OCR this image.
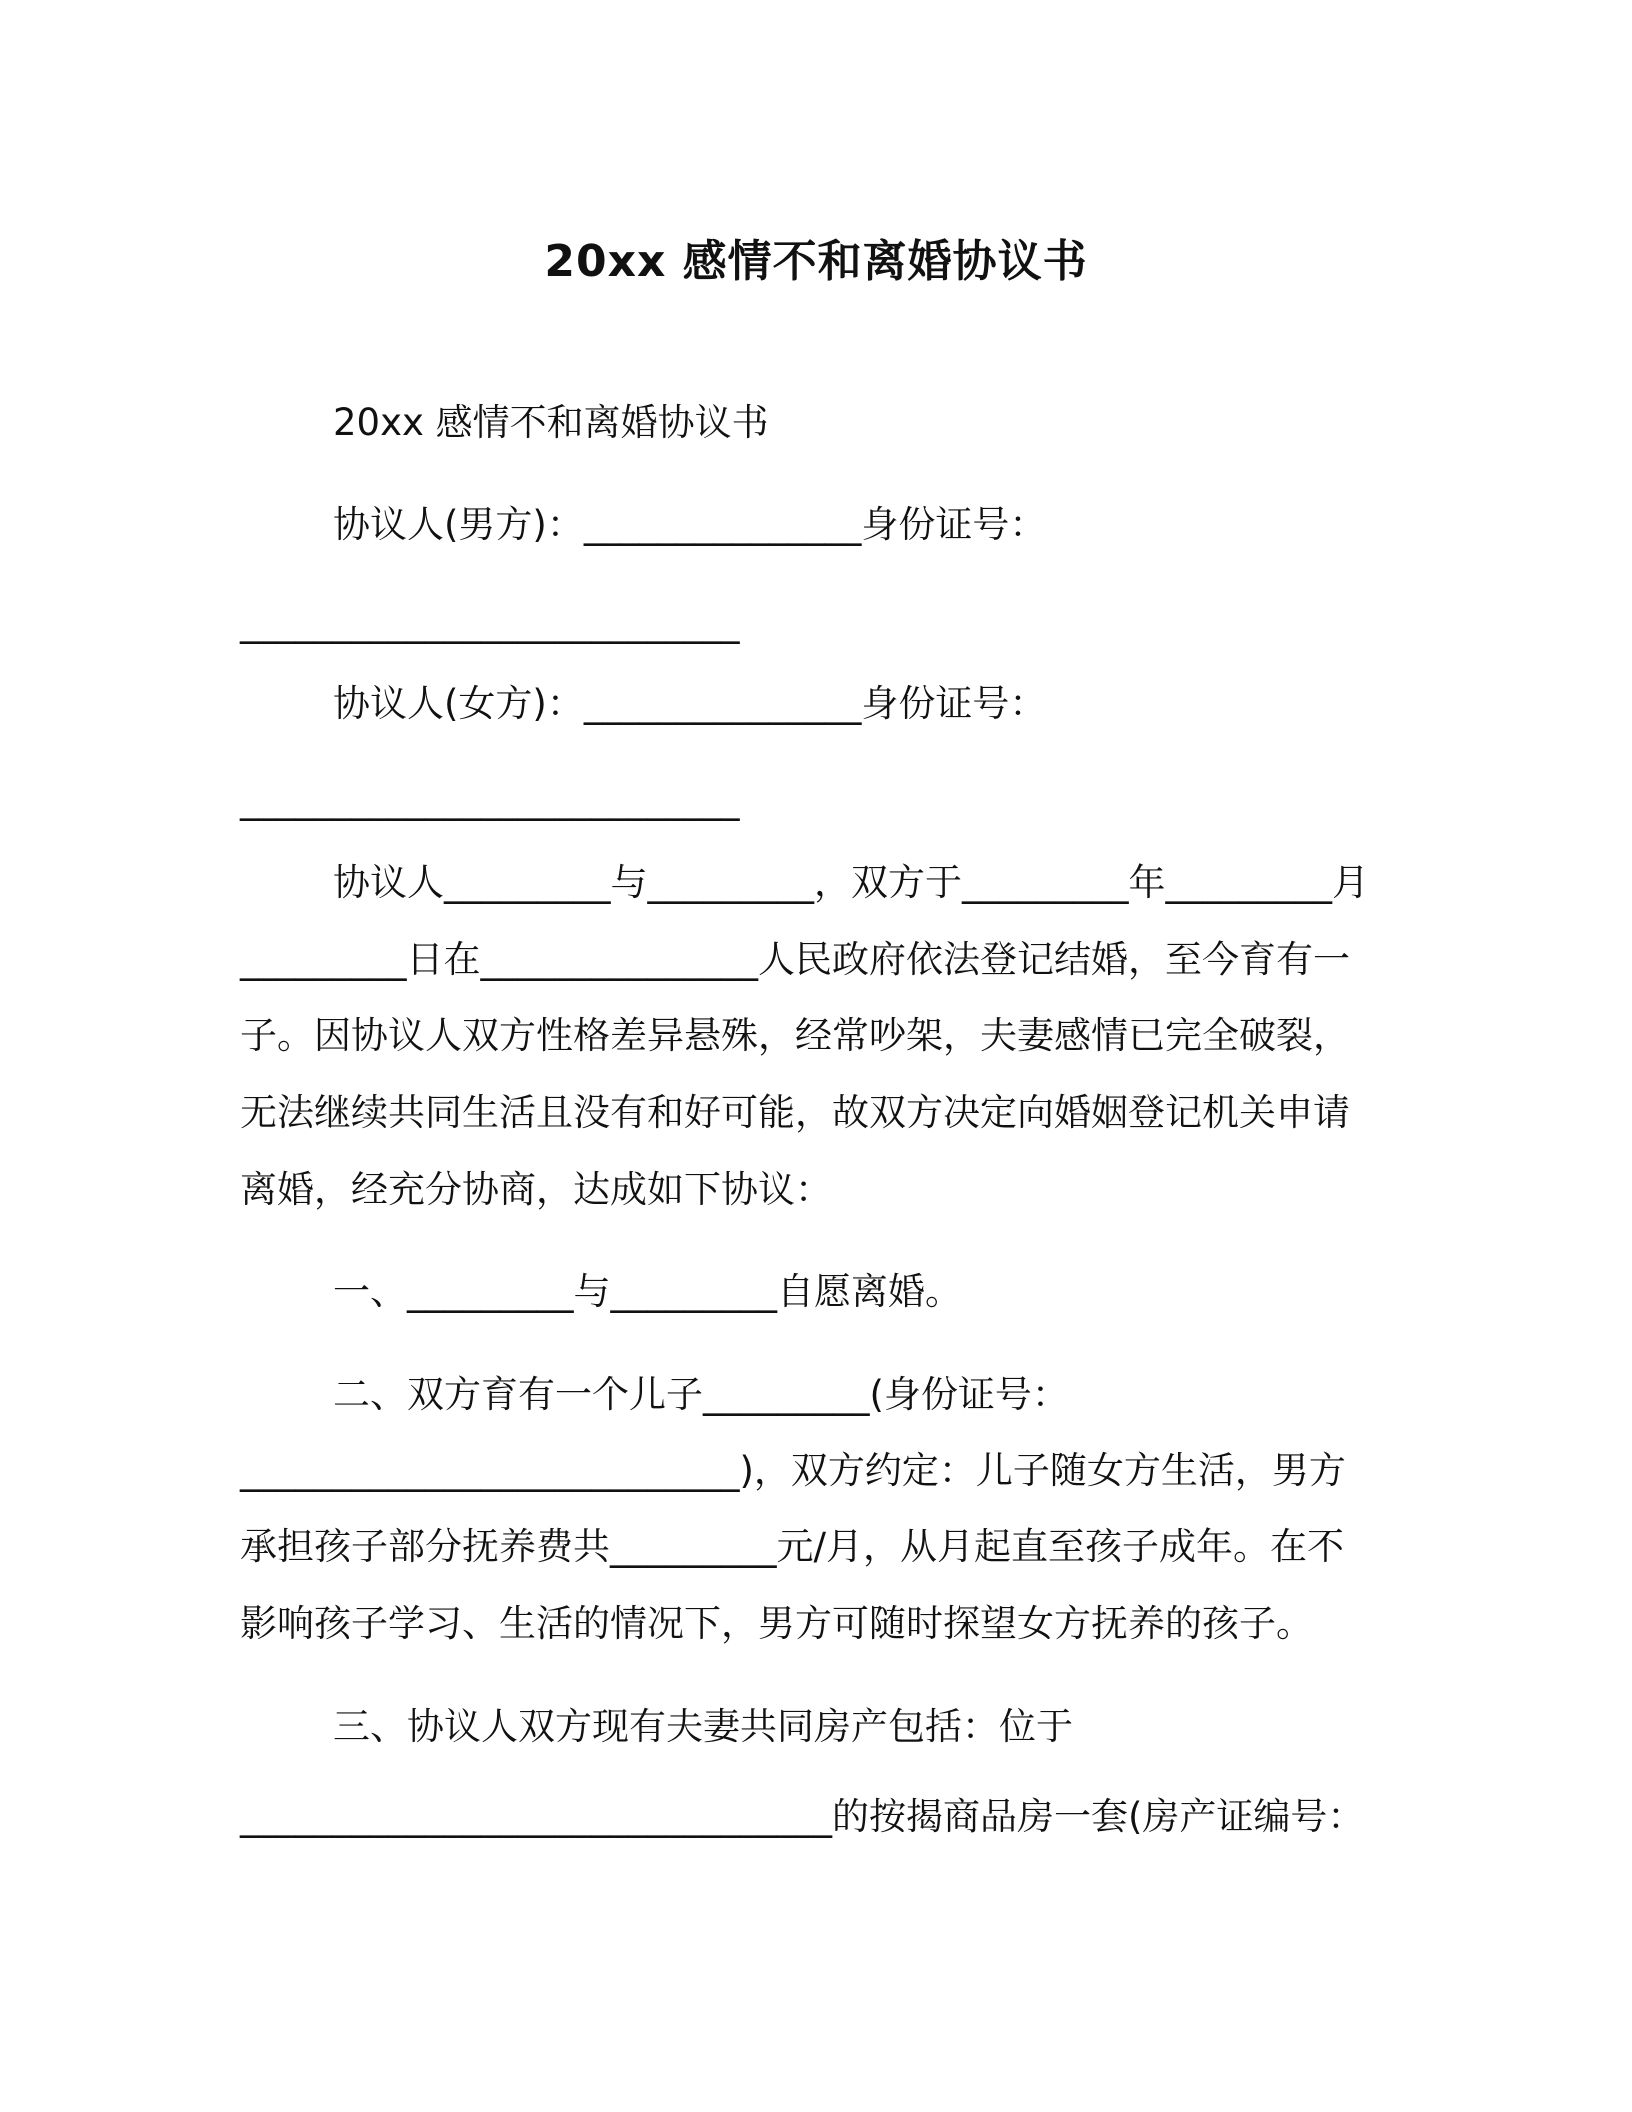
20xx 感情不和离婚协议书
20xx 感情不和离婚协议书
协议人(男方)：_______________身份证号：
___________________________
协议人(女方)：_______________身份证号：
___________________________
协议人_________与_________，双方于_________年_________月
_________日在_______________人民政府依法登记结婚，至今育有一
子。因协议人双方性格差异悬殊，经常吵架，夫妻感情已完全破裂，
无法继续共同生活且没有和好可能，故双方决定向婚姻登记机关申请
离婚，经充分协商，达成如下协议：
一、_________与_________自愿离婚。
二、双方育有一个儿子_________(身份证号：
___________________________)，双方约定：儿子随女方生活，男方
承担孩子部分抚养费共_________元/月，从月起直至孩子成年。在不
影响孩子学习、生活的情况下，男方可随时探望女方抚养的孩子。
三、协议人双方现有夫妻共同房产包括：位于
________________________________的按揭商品房一套(房产证编号：
